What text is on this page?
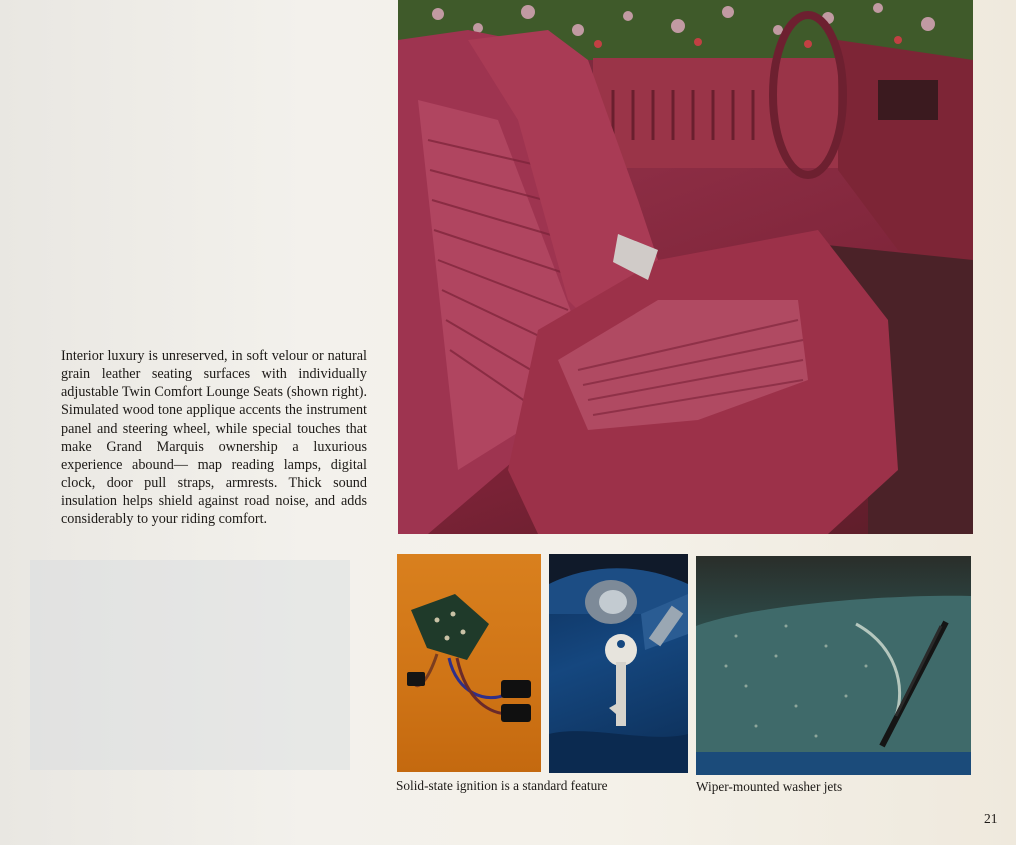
Interior luxury is unreserved, in soft velour or natural grain leather seating surfaces with individually adjustable Twin Comfort Lounge Seats (shown right). Simulated wood tone applique accents the instrument panel and steering wheel, while special touches that make Grand Marquis ownership a luxurious experience abound— map reading lamps, digital clock, door pull straps, armrests. Thick sound insulation helps shield against road noise, and adds considerably to your riding comfort.

Solid-state ignition is a standard feature	Wiper-mounted washer jets
21
